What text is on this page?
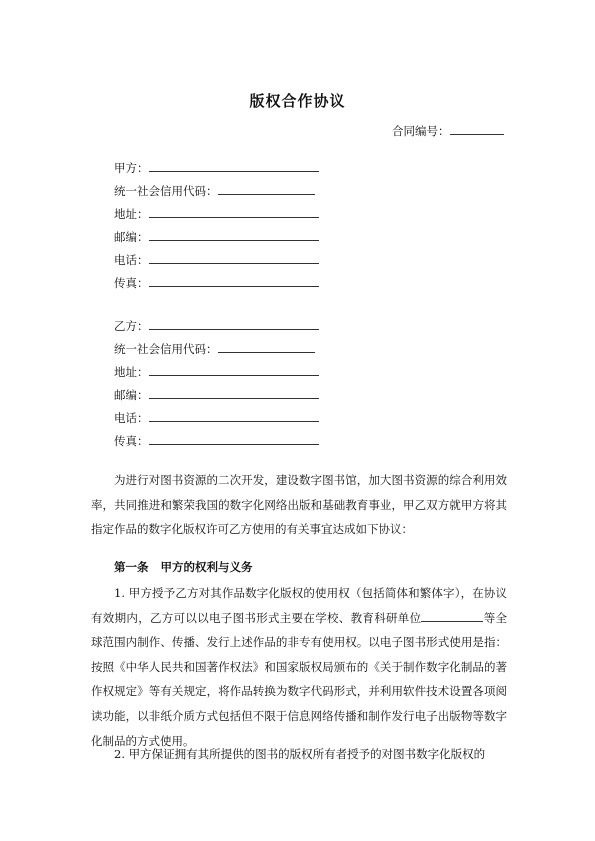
版权合作协议
合同编号：
甲方：
统一社会信用代码：
地址：
邮编：
电话：
传真：
乙方：
统一社会信用代码：
地址：
邮编：
电话：
传真：
为进行对图书资源的二次开发，建设数字图书馆，加大图书资源的综合利用效率，共同推进和繁荣我国的数字化网络出版和基础教育事业，甲乙双方就甲方将其指定作品的数字化版权许可乙方使用的有关事宜达成如下协议：
第一条 甲方的权利与义务
1. 甲方授予乙方对其作品数字化版权的使用权（包括简体和繁体字），在协议有效期内，乙方可以以电子图书形式主要在学校、教育科研单位	等全球范围内制作、传播、发行上述作品的非专有使用权。以电子图书形式使用是指：按照《中华人民共和国著作权法》和国家版权局颁布的《关于制作数字化制品的著作权规定》等有关规定，将作品转换为数字代码形式，并利用软件技术设置各项阅读功能，以非纸介质方式包括但不限于信息网络传播和制作发行电子出版物等数字化制品的方式使用。
2. 甲方保证拥有其所提供的图书的版权所有者授予的对图书数字化版权的
